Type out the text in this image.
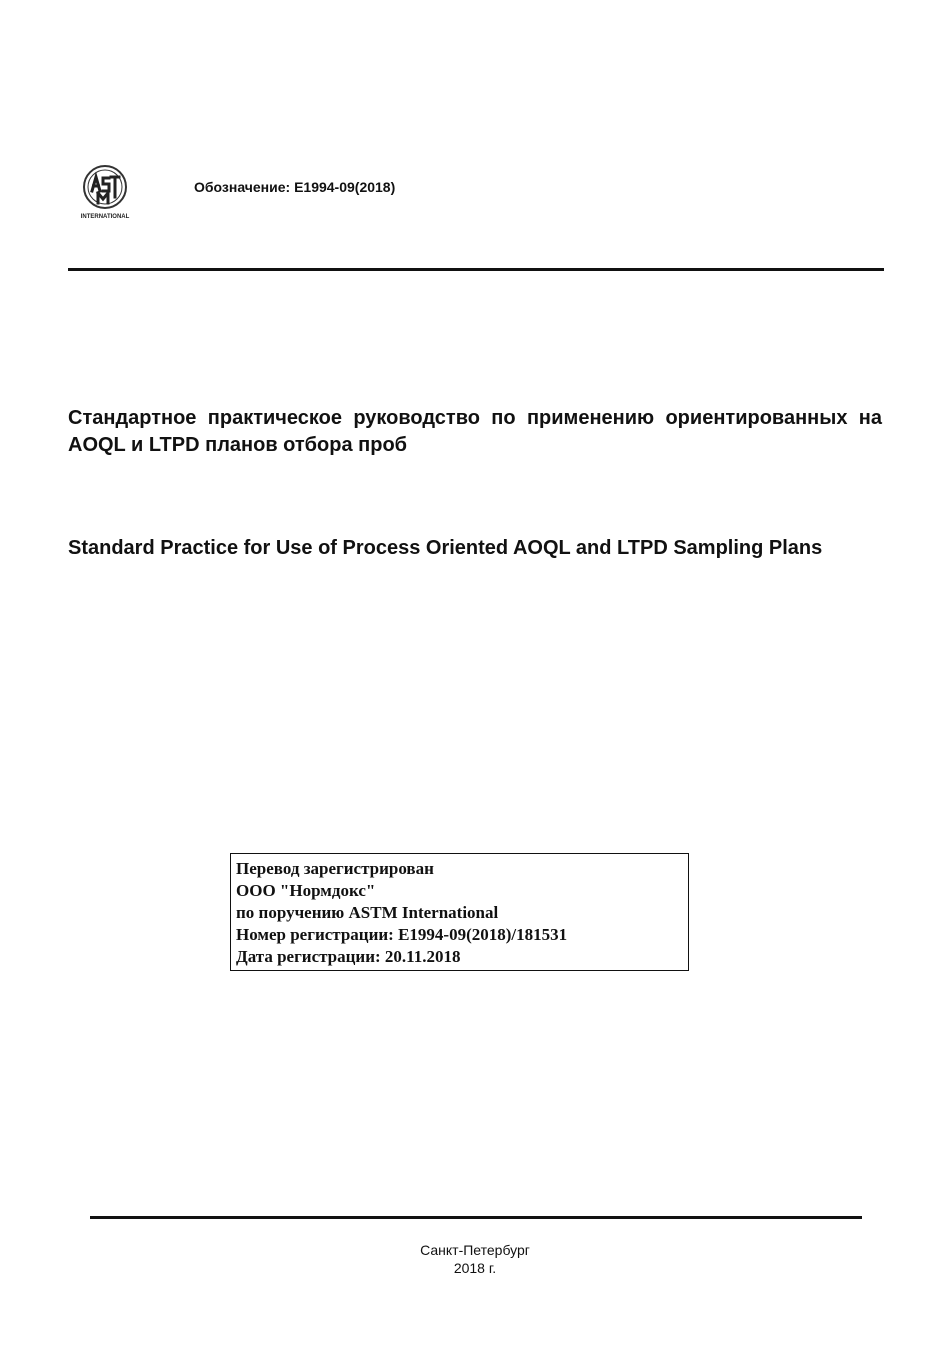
INTERNATIONAL
Обозначение: E1994-09(2018)
Стандартное практическое руководство по применению ориентированных на AOQL и LTPD планов отбора проб
Standard Practice for Use of Process Oriented AOQL and LTPD Sampling Plans
Перевод зарегистрирован
ООО "Нормдокс"
по поручению ASTM International
Номер регистрации: E1994-09(2018)/181531
Дата регистрации: 20.11.2018
Санкт-Петербург
2018 г.
